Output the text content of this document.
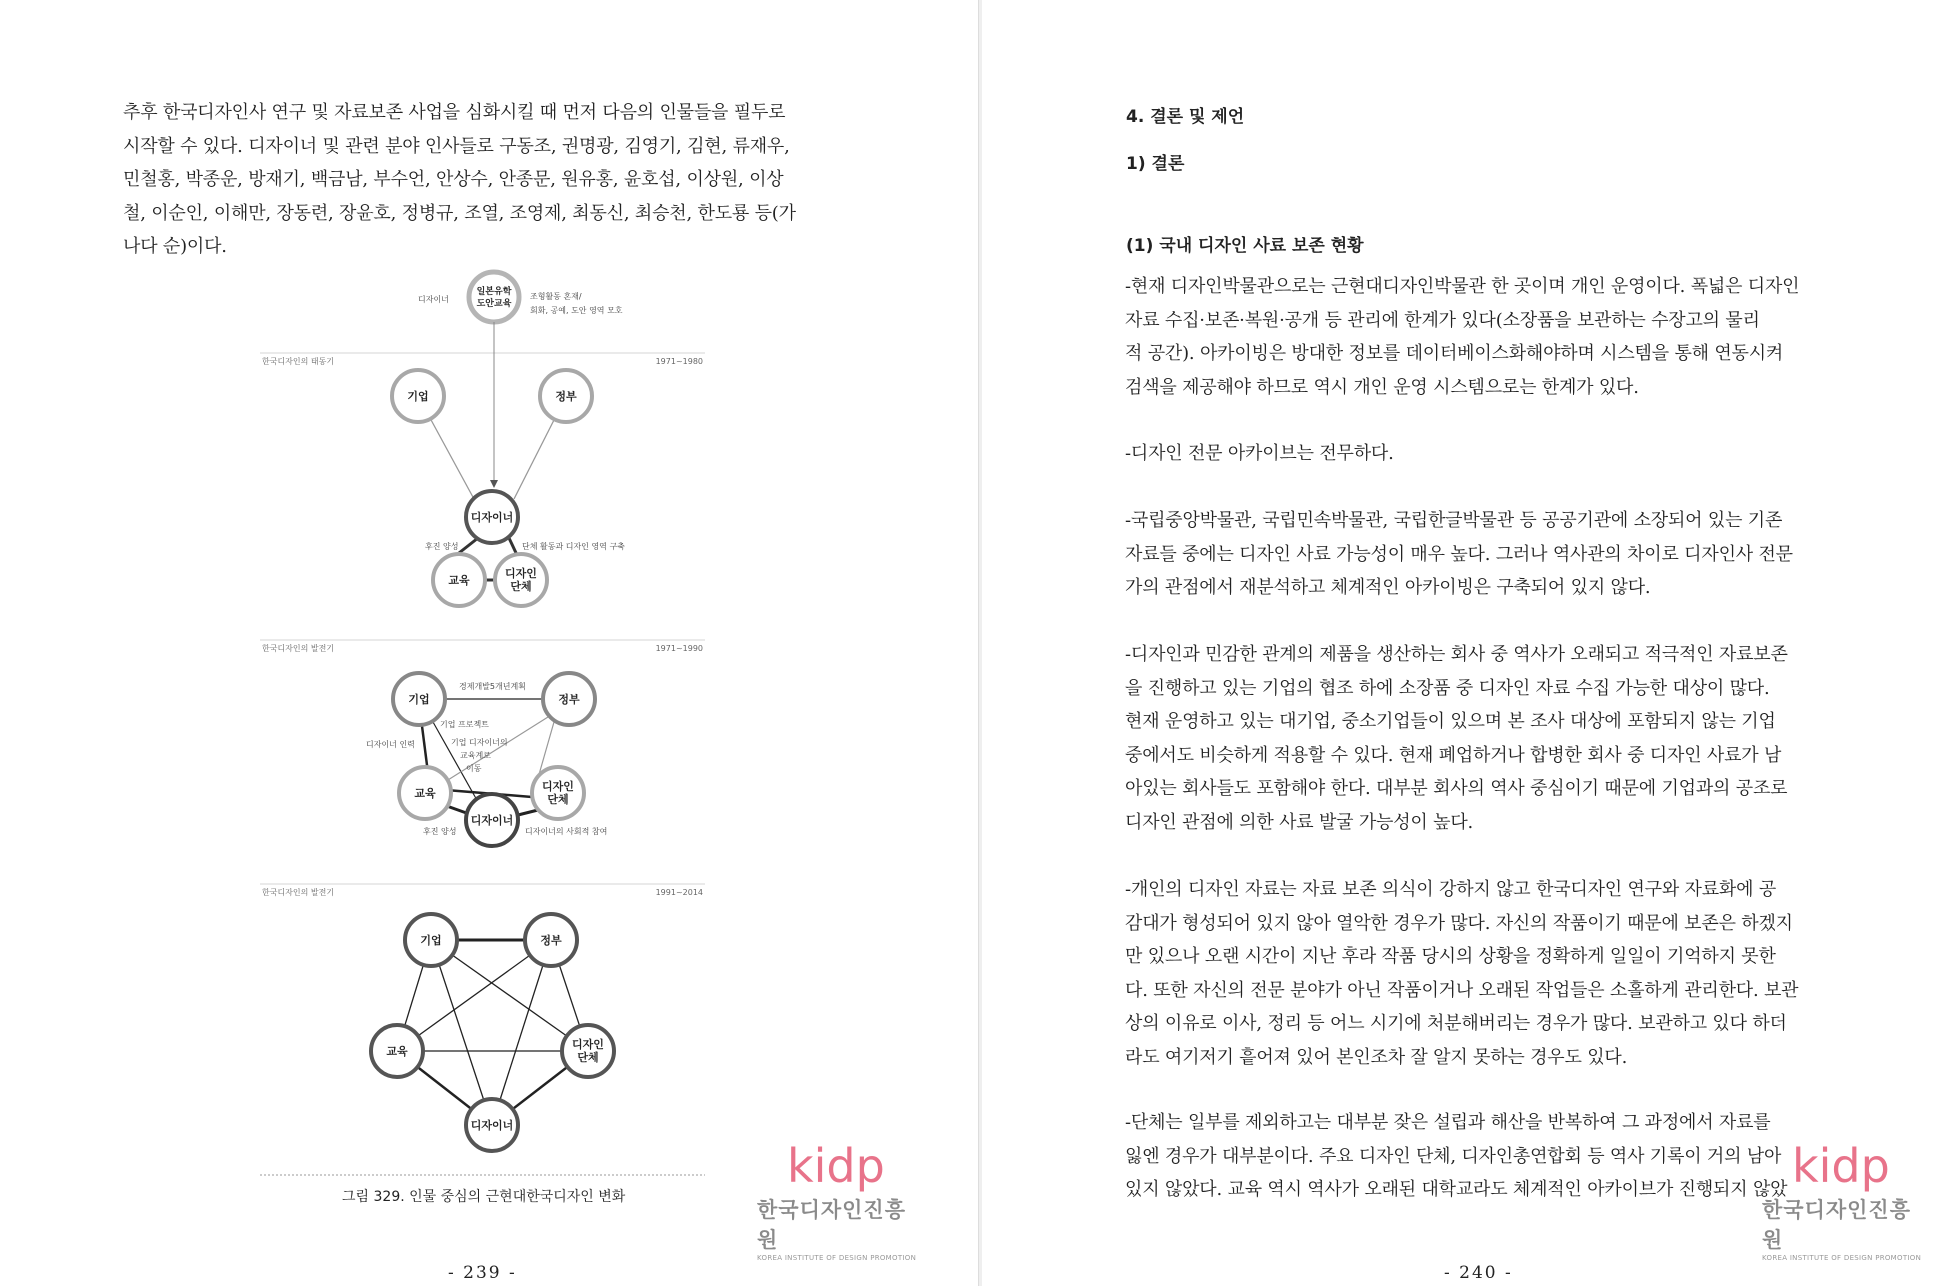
추후 한국디자인사 연구 및 자료보존 사업을 심화시킬 때 먼저 다음의 인물들을 필두로
시작할 수 있다. 디자이너 및 관련 분야 인사들로 구동조, 권명광, 김영기, 김현, 류재우,
민철홍, 박종운, 방재기, 백금남, 부수언, 안상수, 안종문, 원유홍, 윤호섭, 이상원, 이상
철, 이순인, 이해만, 장동련, 장윤호, 정병규, 조열, 조영제, 최동신, 최승천, 한도룡 등(가
나다 순)이다.
디자이너
일본유학
도안교육
조형활동 혼재/
회화, 공예, 도안 영역 모호
한국디자인의 태동기	1971~1980
기업	정부
디자이너
교육
디자인
단체
후진 양성	단체 활동과 디자인 영역 구축
한국디자인의 발전기	1971~1990
기업	정부
교육
디자인
단체
디자이너
경제개발5개년계획
기업 프로젝트
기업 디자이너의
교육계로
이동
디자이너 인력
후진 양성	디자이너의 사회적 참여
한국디자인의 발전기	1991~2014
기업	정부
교육
디자인
단체
디자이너
그림 329. 인물 중심의 근현대한국디자인 변화
kidp
한국디자인진흥원
KOREA INSTITUTE OF DESIGN PROMOTION
- 239 -
4. 결론 및 제언
1) 결론
(1) 국내 디자인 사료 보존 현황
-현재 디자인박물관으로는 근현대디자인박물관 한 곳이며 개인 운영이다. 폭넓은 디자인
자료 수집·보존·복원·공개 등 관리에 한계가 있다(소장품을 보관하는 수장고의 물리
적 공간). 아카이빙은 방대한 정보를 데이터베이스화해야하며 시스템을 통해 연동시켜
검색을 제공해야 하므로 역시 개인 운영 시스템으로는 한계가 있다.
-디자인 전문 아카이브는 전무하다.
-국립중앙박물관, 국립민속박물관, 국립한글박물관 등 공공기관에 소장되어 있는 기존
자료들 중에는 디자인 사료 가능성이 매우 높다. 그러나 역사관의 차이로 디자인사 전문
가의 관점에서 재분석하고 체계적인 아카이빙은 구축되어 있지 않다.
-디자인과 민감한 관계의 제품을 생산하는 회사 중 역사가 오래되고 적극적인 자료보존
을 진행하고 있는 기업의 협조 하에 소장품 중 디자인 자료 수집 가능한 대상이 많다.
현재 운영하고 있는 대기업, 중소기업들이 있으며 본 조사 대상에 포함되지 않는 기업
중에서도 비슷하게 적용할 수 있다. 현재 폐업하거나 합병한 회사 중 디자인 사료가 남
아있는 회사들도 포함해야 한다. 대부분 회사의 역사 중심이기 때문에 기업과의 공조로
디자인 관점에 의한 사료 발굴 가능성이 높다.
-개인의 디자인 자료는 자료 보존 의식이 강하지 않고 한국디자인 연구와 자료화에 공
감대가 형성되어 있지 않아 열악한 경우가 많다. 자신의 작품이기 때문에 보존은 하겠지
만 있으나 오랜 시간이 지난 후라 작품 당시의 상황을 정확하게 일일이 기억하지 못한
다. 또한 자신의 전문 분야가 아닌 작품이거나 오래된 작업들은 소홀하게 관리한다. 보관
상의 이유로 이사, 정리 등 어느 시기에 처분해버리는 경우가 많다. 보관하고 있다 하더
라도 여기저기 흩어져 있어 본인조차 잘 알지 못하는 경우도 있다.
-단체는 일부를 제외하고는 대부분 잦은 설립과 해산을 반복하여 그 과정에서 자료를
잃엔 경우가 대부분이다. 주요 디자인 단체, 디자인총연합회 등 역사 기록이 거의 남아
있지 않았다. 교육 역시 역사가 오래된 대학교라도 체계적인 아카이브가 진행되지 않았 kidp
한국디자인진흥원
KOREA INSTITUTE OF DESIGN PROMOTION
- 240 -
